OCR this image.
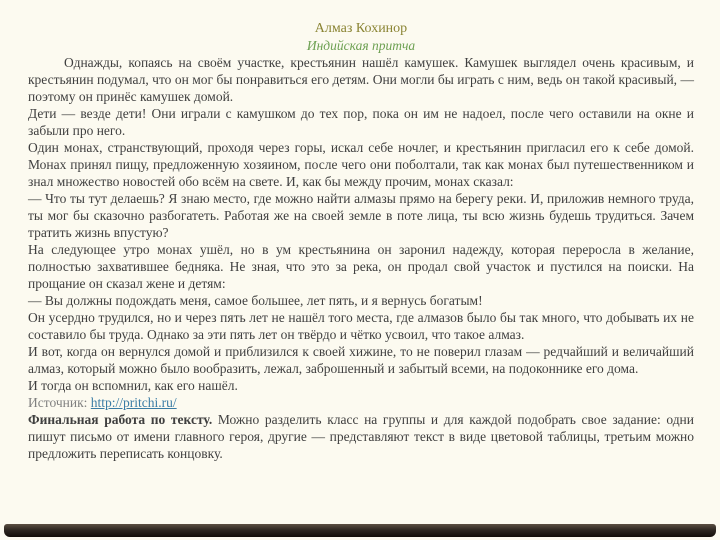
Алмаз Кохинор
Индийская притча

Однажды, копаясь на своём участке, крестьянин нашёл камушек. Камушек выглядел очень красивым, и крестьянин подумал, что он мог бы понравиться его детям. Они могли бы играть с ним, ведь он такой красивый, — поэтому он принёс камушек домой.

Дети — везде дети! Они играли с камушком до тех пор, пока он им не надоел, после чего оставили на окне и забыли про него.

Один монах, странствующий, проходя через горы, искал себе ночлег, и крестьянин пригласил его к себе домой. Монах принял пищу, предложенную хозяином, после чего они поболтали, так как монах был путешественником и знал множество новостей обо всём на свете. И, как бы между прочим, монах сказал:

— Что ты тут делаешь? Я знаю место, где можно найти алмазы прямо на берегу реки. И, приложив немного труда, ты мог бы сказочно разбогатеть. Работая же на своей земле в поте лица, ты всю жизнь будешь трудиться. Зачем тратить жизнь впустую?

На следующее утро монах ушёл, но в ум крестьянина он заронил надежду, которая переросла в желание, полностью захватившее бедняка. Не зная, что это за река, он продал свой участок и пустился на поиски. На прощание он сказал жене и детям:

— Вы должны подождать меня, самое большее, лет пять, и я вернусь богатым!

Он усердно трудился, но и через пять лет не нашёл того места, где алмазов было бы так много, что добывать их не составило бы труда. Однако за эти пять лет он твёрдо и чётко усвоил, что такое алмаз.

И вот, когда он вернулся домой и приблизился к своей хижине, то не поверил глазам — редчайший и величайший алмаз, который можно было вообразить, лежал, заброшенный и забытый всеми, на подоконнике его дома.

И тогда он вспомнил, как его нашёл.

Источник: http://pritchi.ru/

Финальная работа по тексту. Можно разделить класс на группы и для каждой подобрать свое задание: одни пишут письмо от имени главного героя, другие — представляют текст в виде цветовой таблицы, третьим можно предложить переписать концовку.
